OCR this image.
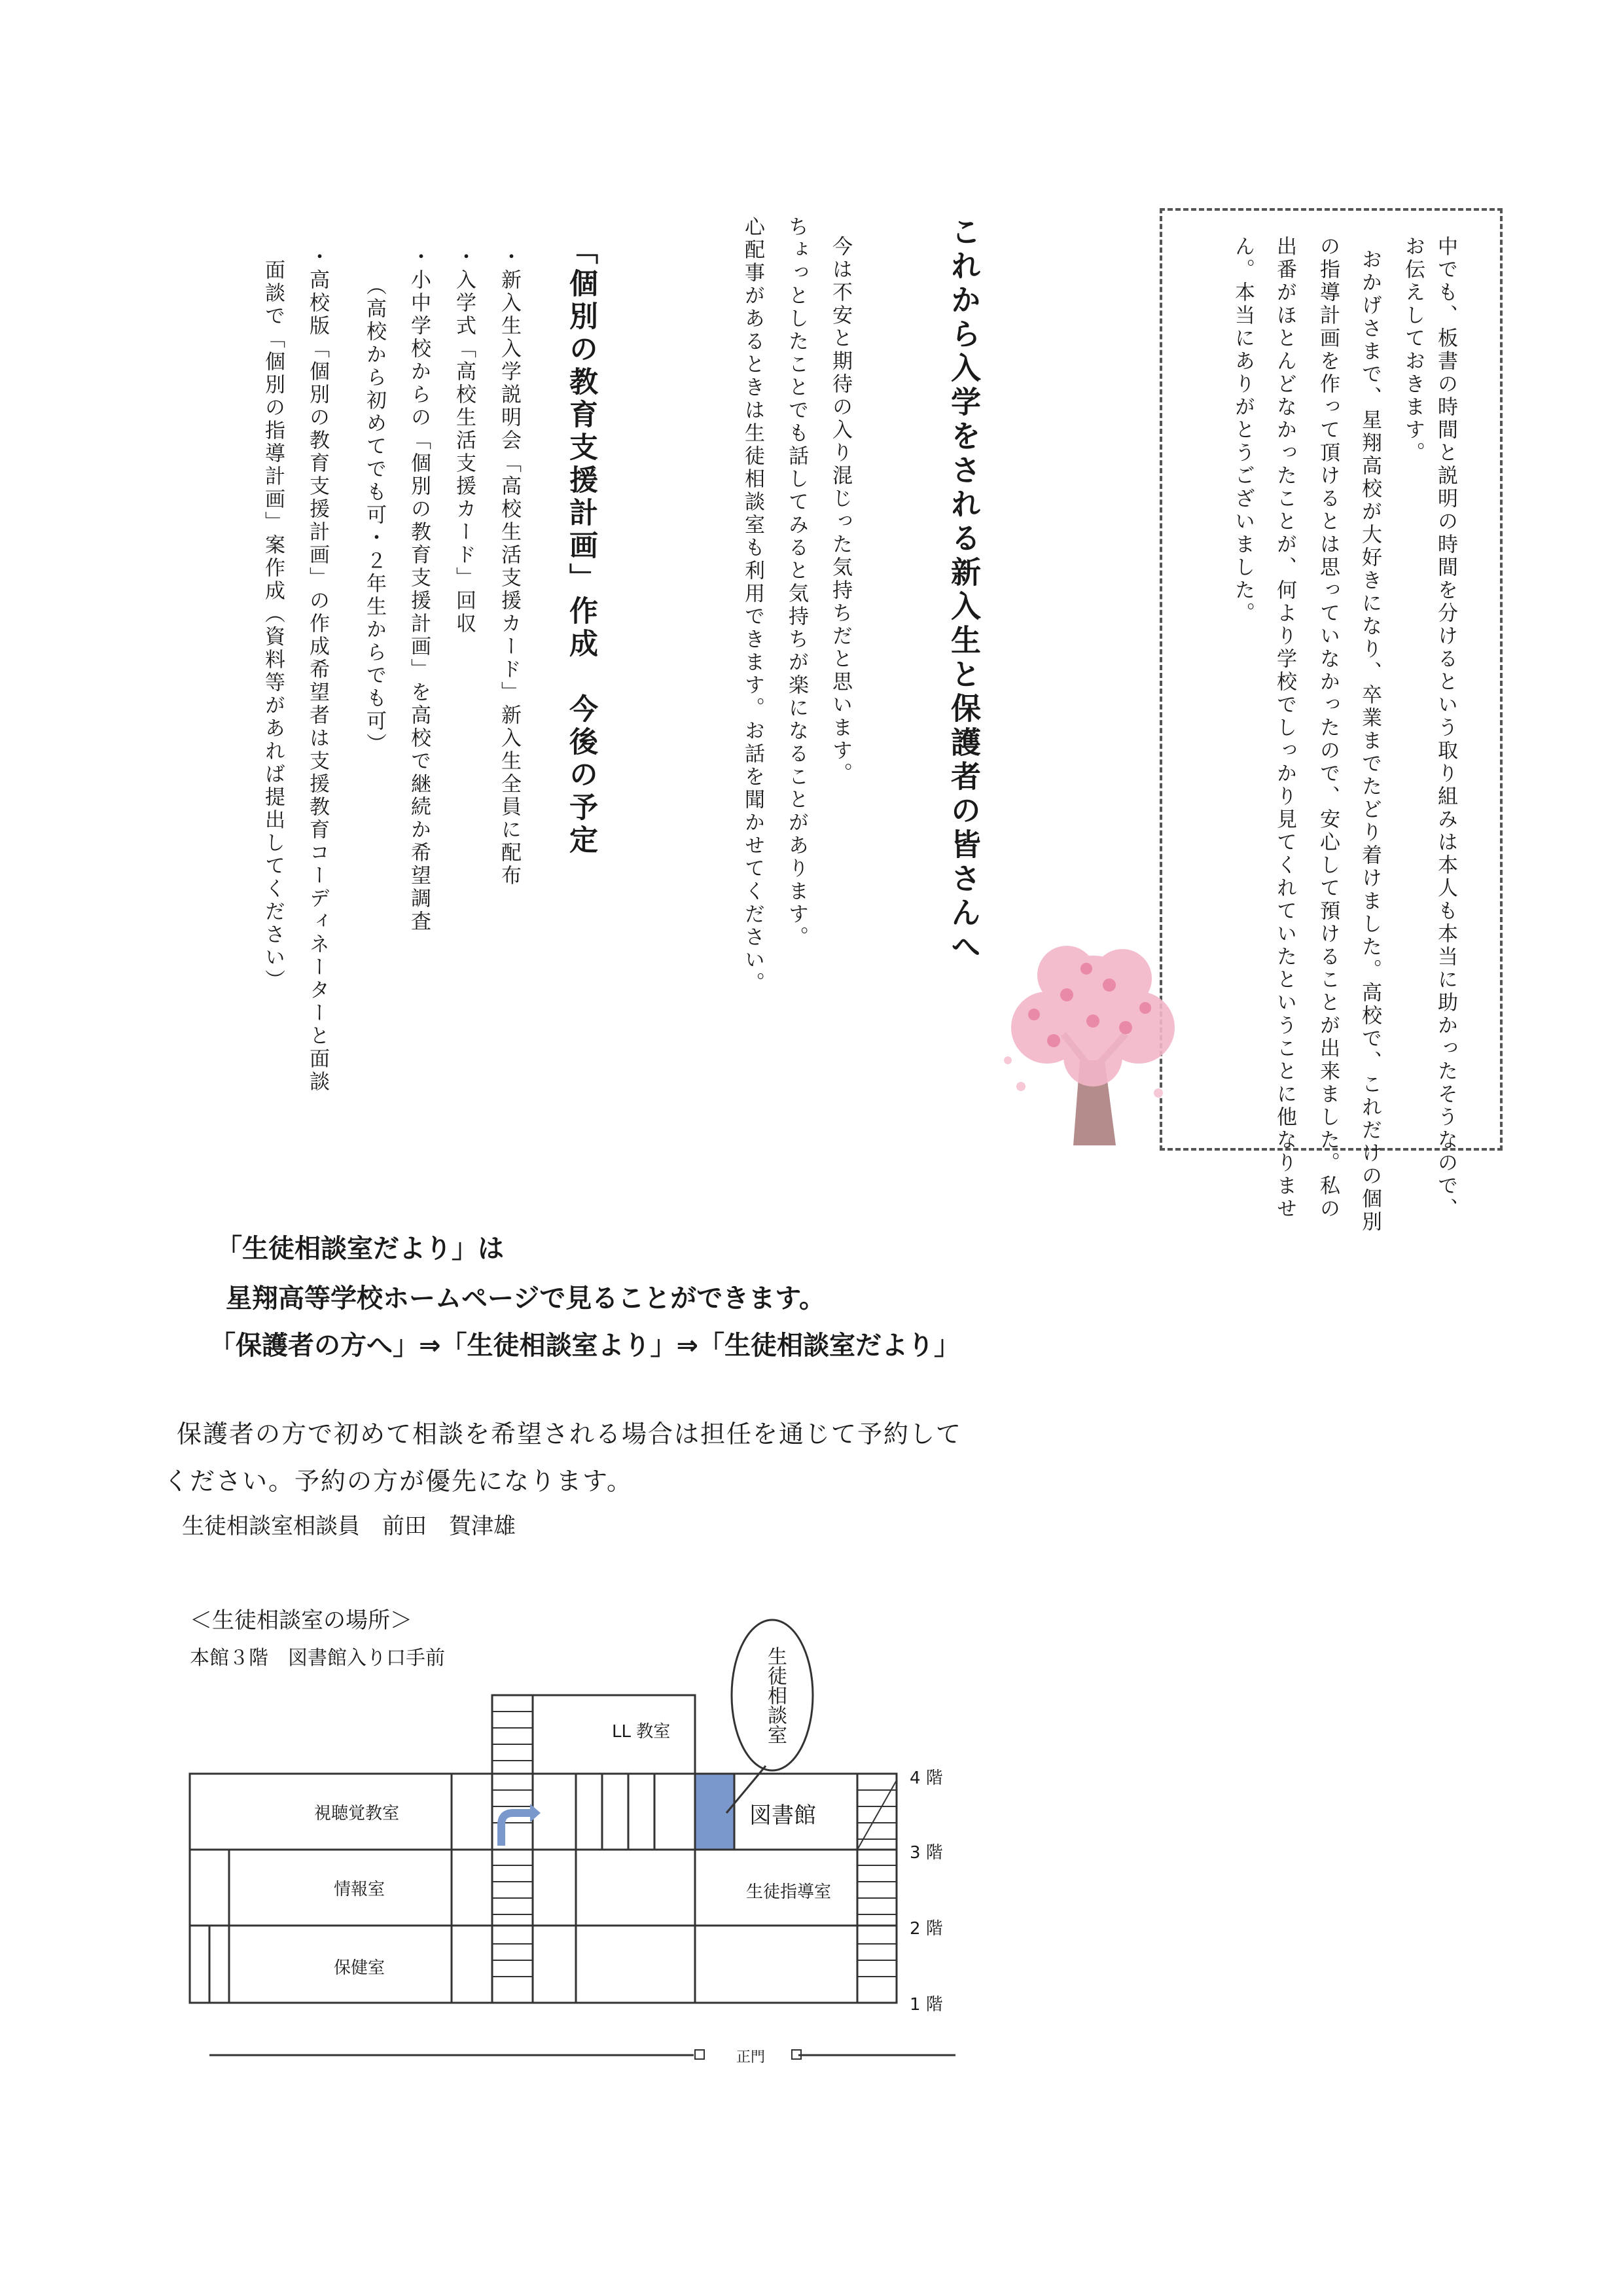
中でも、板書の時間と説明の時間を分けるという取り組みは本人も本当に助かったそうなので、
お伝えしておきます。
おかげさまで、星翔高校が大好きになり、卒業までたどり着けました。高校で、これだけの個別
の指導計画を作って頂けるとは思っていなかったので、安心して預けることが出来ました。私の
出番がほとんどなかったことが、何より学校でしっかり見てくれていたということに他なりませ
ん。本当にありがとうございました。
これから入学をされる新入生と保護者の皆さんへ
今は不安と期待の入り混じった気持ちだと思います。
ちょっとしたことでも話してみると気持ちが楽になることがあります。
心配事があるときは生徒相談室も利用できます。お話を聞かせてください。
「個別の教育支援計画」作成　今後の予定
・新入生入学説明会「高校生活支援カード」新入生全員に配布
・入学式「高校生活支援カード」回収
・小中学校からの「個別の教育支援計画」を高校で継続か希望調査
（高校から初めてでも可・２年生からでも可）
・高校版「個別の教育支援計画」の作成希望者は支援教育コーディネーターと面談
面談で「個別の指導計画」案作成（資料等があれば提出してください）
「生徒相談室だより」は
星翔高等学校ホームページで見ることができます。
「保護者の方へ」⇒「生徒相談室より」⇒「生徒相談室だより」
保護者の方で初めて相談を希望される場合は担任を通じて予約して
ください。予約の方が優先になります。
生徒相談室相談員　前田　賀津雄
＜生徒相談室の場所＞
本館３階　図書館入り口手前	生徒相談室
LL 教室
視聴覚教室	図書館
情報室	生徒指導室
保健室
4 階
3 階
2 階
1 階
正門
